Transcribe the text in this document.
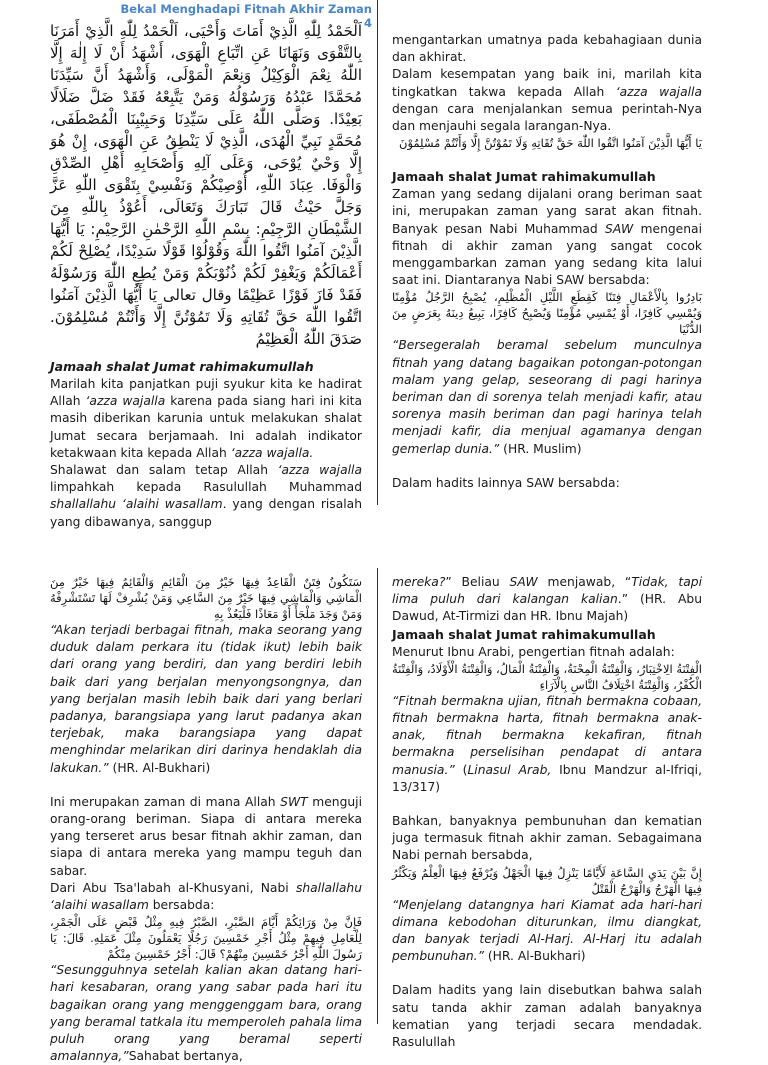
Bekal Menghadapi Fitnah Akhir Zaman 4
اَلْحَمْدُ لِلّٰهِ الَّذِيْ أَمَاتَ وَأَحْيَى، اَلْحَمْدُ لِلّٰهِ الَّذِيْ أَمَرَنَا بِالتَّقْوَى وَنَهَانَا عَنِ اتِّبَاعِ الْهَوَى، أَشْهَدُ أَنْ لَا إِلٰهَ إِلَّا اللّٰهُ نِعْمَ الْوَكِيْلُ وَنِعْمَ الْمَوْلَى، وَأَشْهَدُ أَنَّ سَيِّدَنَا مُحَمَّدًا عَبْدُهُ وَرَسُوْلُهُ وَمَنْ يَتَّبِعْهُ فَقَدْ ضَلَّ ضَلَالًا بَعِيْدًا. وَصَلَّى اللّٰهُ عَلَى سَيِّدِنَا وَحَبِيْبِنَا الْمُصْطَفَى، مُحَمَّدٍ نَبِيِّ الْهُدَى، الَّذِيْ لَا يَنْطِقُ عَنِ الْهَوَى، إِنْ هُوَ إِلَّا وَحْيٌ يُوْحَى، وَعَلَى آلِهِ وَأَصْحَابِهِ أَهْلِ الصِّدْقِ وَالْوَفَا. عِبَادَ اللّٰهِ، أُوْصِيْكُمْ وَنَفْسِيْ بِتَقْوَى اللّٰهِ عَزَّ وَجَلَّ حَيْثُ قَالَ تَبَارَكَ وَتَعَالَى، أَعُوْذُ بِاللّٰهِ مِنَ الشَّيْطَانِ الرَّجِيْمِ: بِسْمِ اللّٰهِ الرَّحْمٰنِ الرَّحِيْمِ: يَا أَيُّهَا الَّذِيْنَ آمَنُوا اتَّقُوا اللّٰهَ وَقُوْلُوْا قَوْلًا سَدِيْدًا، يُصْلِحْ لَكُمْ أَعْمَالَكُمْ وَيَغْفِرْ لَكُمْ ذُنُوْبَكُمْ وَمَنْ يُطِعِ اللّٰهَ وَرَسُوْلَهُ فَقَدْ فَازَ فَوْزًا عَظِيْمًا وقال تعالى يَا أَيُّهَا الَّذِيْنَ آمَنُوا اتَّقُوا اللّٰهَ حَقَّ تُقَاتِهِ وَلَا تَمُوْتُنَّ إِلَّا وَأَنْتُمْ مُسْلِمُوْنَ. صَدَقَ اللّٰهُ الْعَظِيْمُ
Jamaah shalat Jumat rahimakumullah

Marilah kita panjatkan puji syukur kita ke hadirat Allah ‘azza wajalla karena pada siang hari ini kita masih diberikan karunia untuk melakukan shalat Jumat secara berjamaah. Ini adalah indikator ketakwaan kita kepada Allah ‘azza wajalla.

Shalawat dan salam tetap Allah ‘azza wajalla limpahkah kepada Rasulullah Muhammad shallallahu ‘alaihi wasallam. yang dengan risalah yang dibawanya, sanggup

mengantarkan umatnya pada kebahagiaan dunia dan akhirat.

Dalam kesempatan yang baik ini, marilah kita tingkatkan takwa kepada Allah ‘azza wajalla dengan cara menjalankan semua perintah-Nya dan menjauhi segala larangan-Nya.

يَا أَيُّهَا الَّذِيْنَ آمَنُوا اتَّقُوا اللّٰهَ حَقَّ تُقَاتِهِ وَلَا تَمُوْتُنَّ إِلَّا وَأَنْتُمْ مُسْلِمُوْنَ
Jamaah shalat Jumat rahimakumullah

Zaman yang sedang dijalani orang beriman saat ini, merupakan zaman yang sarat akan fitnah. Banyak pesan Nabi Muhammad SAW mengenai fitnah di akhir zaman yang sangat cocok menggambarkan zaman yang sedang kita lalui saat ini. Diantaranya Nabi SAW bersabda:

بَادِرُوا بِالْأَعْمَالِ فِتَنًا كَقِطَعِ اللَّيْلِ الْمُظْلِمِ، يُصْبِحُ الرَّجُلُ مُؤْمِنًا وَيُمْسِي كَافِرًا، أَوْ يُمْسِي مُؤْمِنًا وَيُصْبِحُ كَافِرًا، يَبِيعُ دِينَهُ بِعَرَضٍ مِنَ الدُّنْيَا

“Bersegeralah beramal sebelum munculnya fitnah yang datang bagaikan potongan-potongan malam yang gelap, seseorang di pagi harinya beriman dan di sorenya telah menjadi kafir, atau sorenya masih beriman dan pagi harinya telah menjadi kafir, dia menjual agamanya dengan gemerlap dunia.” (HR. Muslim)

Dalam hadits lainnya SAW bersabda:

سَتَكُونُ فِتَنٌ الْقَاعِدُ فِيهَا خَيْرٌ مِنَ الْقَائِمِ وَالْقَائِمُ فِيهَا خَيْرٌ مِنَ الْمَاشِي وَالْمَاشِي فِيهَا خَيْرٌ مِنَ السَّاعِي وَمَنْ يُشْرِفْ لَهَا تَسْتَشْرِفْهُ وَمَنْ وَجَدَ مَلْجَأً أَوْ مَعَاذًا فَلْيَعُذْ بِهِ

“Akan terjadi berbagai fitnah, maka seorang yang duduk dalam perkara itu (tidak ikut) lebih baik dari orang yang berdiri, dan yang berdiri lebih baik dari yang berjalan menyongsongnya, dan yang berjalan masih lebih baik dari yang berlari padanya, barangsiapa yang larut padanya akan terjebak, maka barangsiapa yang dapat menghindar melarikan diri darinya hendaklah dia lakukan.” (HR. Al-Bukhari)

Ini merupakan zaman di mana Allah SWT menguji orang-orang beriman. Siapa di antara mereka yang terseret arus besar fitnah akhir zaman, dan siapa di antara mereka yang mampu teguh dan sabar.

Dari Abu Tsa'labah al-Khusyani, Nabi shallallahu ‘alaihi wasallam bersabda:

فَإِنَّ مِنْ وَرَائِكُمْ أَيَّامَ الصَّبْرِ، الصَّبْرُ فِيهِ مِثْلُ قَبْضٍ عَلَى الْجَمْرِ، لِلْعَامِلِ فِيهِمْ مِثْلُ أَجْرِ خَمْسِينَ رَجُلًا يَعْمَلُونَ مِثْلَ عَمَلِهِ. قَالَ: يَا رَسُولَ اللّٰهِ أَجْرُ خَمْسِينَ مِنْهُمْ؟ قَالَ: أَجْرُ خَمْسِينَ مِنْكُمْ

“Sesungguhnya setelah kalian akan datang hari-hari kesabaran, orang yang sabar pada hari itu bagaikan orang yang menggenggam bara, orang yang beramal tatkala itu memperoleh pahala lima puluh orang yang beramal seperti amalannya,”Sahabat bertanya,

mereka?” Beliau SAW menjawab, “Tidak, tapi lima puluh dari kalangan kalian.” (HR. Abu Dawud, At-Tirmizi dan HR. Ibnu Majah)

Jamaah shalat Jumat rahimakumullah

Menurut Ibnu Arabi, pengertian fitnah adalah:

الْفِتْنَةُ الِاخْتِبَارُ، وَالْفِتْنَةُ الْمِحْنَةُ، وَالْفِتْنَةُ الْمَالُ، وَالْفِتْنَةُ الْأَوْلَادُ، وَالْفِتْنَةُ الْكُفْرُ، وَالْفِتْنَةُ اخْتِلَافُ النَّاسِ بِالْآرَاءِ

“Fitnah bermakna ujian, fitnah bermakna cobaan, fitnah bermakna harta, fitnah bermakna anak-anak, fitnah bermakna kekafiran, fitnah bermakna perselisihan pendapat di antara manusia.” (Linasul Arab, Ibnu Mandzur al-Ifriqi, 13/317)

Bahkan, banyaknya pembunuhan dan kematian juga termasuk fitnah akhir zaman. Sebagaimana Nabi pernah bersabda,

إِنَّ بَيْنَ يَدَيِ السَّاعَةِ لَأَيَّامًا يَنْزِلُ فِيهَا الْجَهْلُ وَيُرْفَعُ فِيهَا الْعِلْمُ وَيَكْثُرُ فِيهَا الْهَرْجُ وَالْهَرْجُ الْقَتْلُ

“Menjelang datangnya hari Kiamat ada hari-hari dimana kebodohan diturunkan, ilmu diangkat, dan banyak terjadi Al-Harj. Al-Harj itu adalah pembunuhan.” (HR. Al-Bukhari)

Dalam hadits yang lain disebutkan bahwa salah satu tanda akhir zaman adalah banyaknya kematian yang terjadi secara mendadak. Rasulullah
